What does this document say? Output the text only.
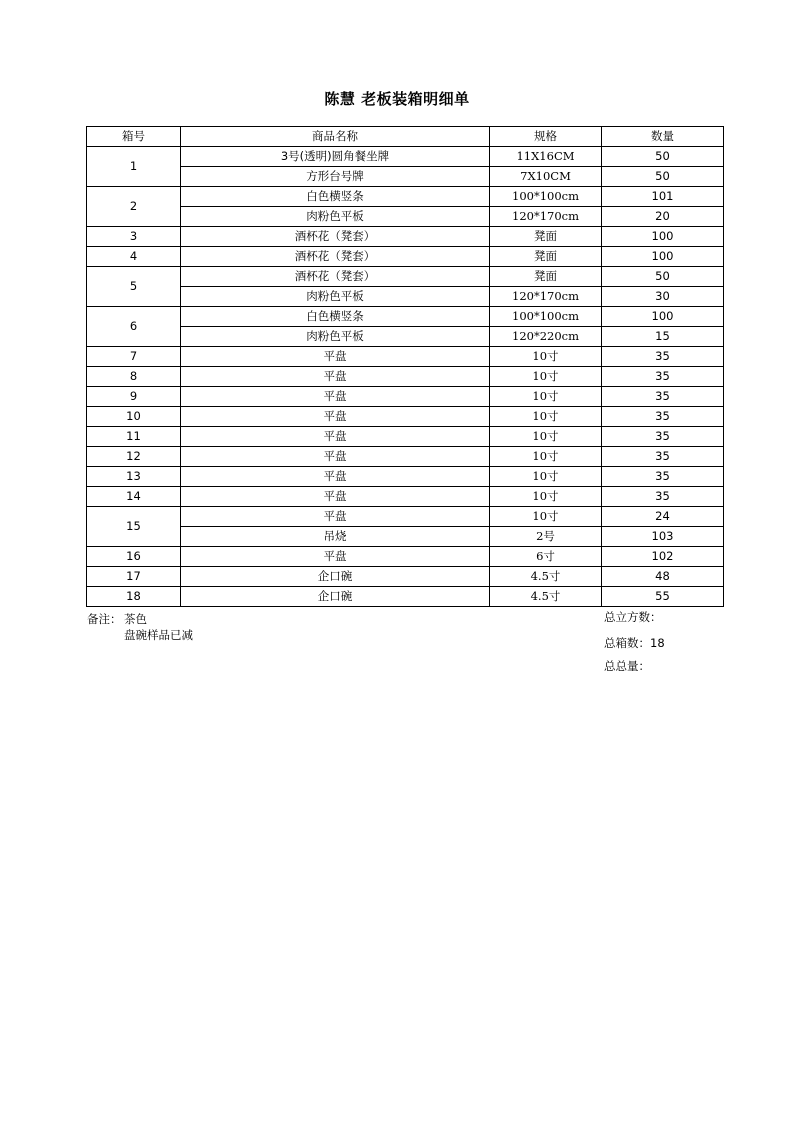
陈慧 老板装箱明细单
箱号	商品名称	规格	数量
1	3号(透明)圆角餐坐牌	11X16CM	50
	方形台号牌	7X10CM	50
2	白色横竖条	100*100cm	101
	肉粉色平板	120*170cm	20
3	酒杯花（凳套）	凳面	100
4	酒杯花（凳套）	凳面	100
5	酒杯花（凳套）	凳面	50
	肉粉色平板	120*170cm	30
6	白色横竖条	100*100cm	100
	肉粉色平板	120*220cm	15
7	平盘	10寸	35
8	平盘	10寸	35
9	平盘	10寸	35
10	平盘	10寸	35
11	平盘	10寸	35
12	平盘	10寸	35
13	平盘	10寸	35
14	平盘	10寸	35
15	平盘	10寸	24
	吊烧	2号	103
16	平盘	6寸	102
17	企口碗	4.5寸	48
18	企口碗	4.5寸	55
备注： 茶色
盘碗样品已减
总立方数：
总箱数：18
总总量：
